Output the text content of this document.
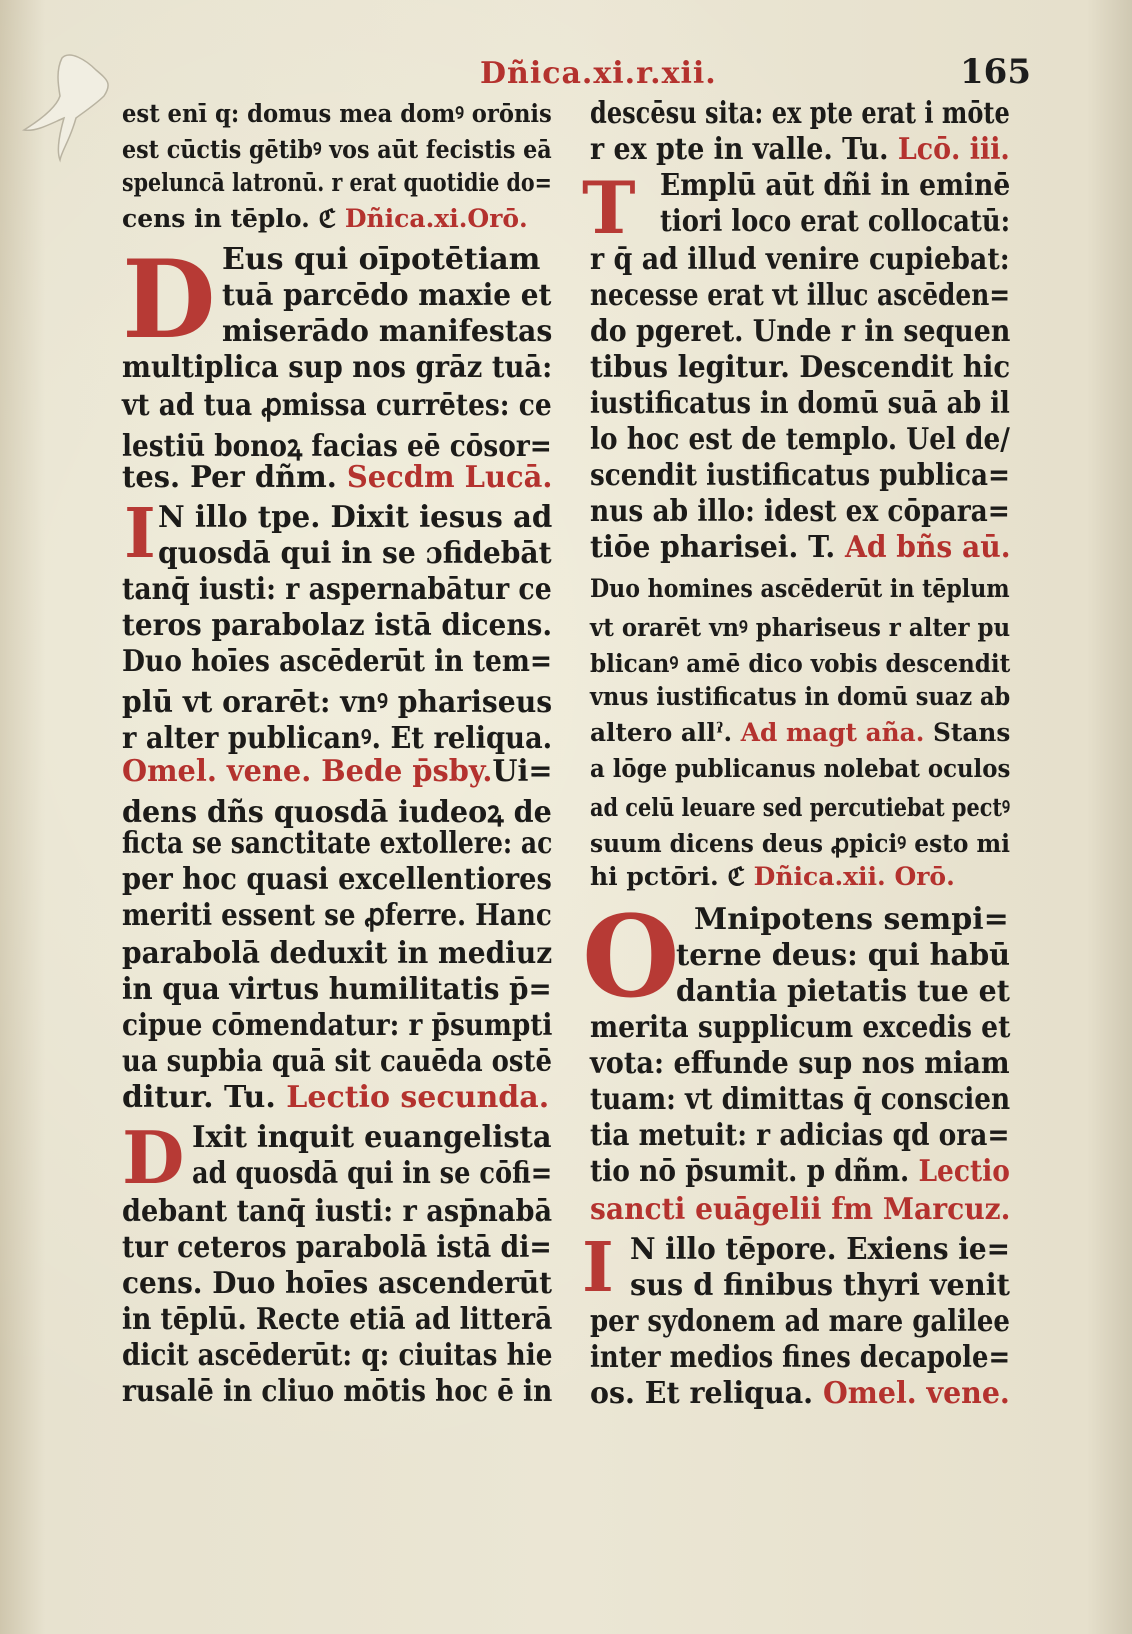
Dñica.xi.r.xii.	165
est enī q: domus mea domꝰ orōnis
est cūctis gētibꝰ vos aūt fecistis eā
speluncā latronū. r erat quotidie do=
cens in tēplo. ℭ Dñica.xi.Orō.
Eus qui oīpotētiam
tuā parcēdo maxie et
miserādo manifestas
multiplica sup nos grāz tuā:
vt ad tua ꝓmissa currētes: ce
lestiū bonoꝝ facias eē cōsor=
tes. Per dñm. Secdm Lucā.
N illo tpe. Dixit iesus ad
quosdā qui in se ɔfidebāt
tanq̄ iusti: r aspernabātur ce
teros parabolaz istā dicens.
Duo hoīes ascēderūt in tem=
plū vt orarēt: vnꝰ phariseus
r alter publicanꝰ. Et reliqua.
Omel. vene. Bede p̄sby.Ui=
dens dñs quosdā iudeoꝝ de
ficta se sanctitate extollere: ac
per hoc quasi excellentiores
meriti essent se ꝓferre. Hanc
parabolā deduxit in mediuz
in qua virtus humilitatis p̄=
cipue cōmendatur: r p̄sumpti
ua supbia quā sit cauēda ostē
ditur. Tu. Lectio secunda.
Ixit inquit euangelista
ad quosdā qui in se cōfi=
debant tanq̄ iusti: r asp̄nabā
tur ceteros parabolā istā di=
cens. Duo hoīes ascenderūt
in tēplū. Recte etiā ad litterā
dicit ascēderūt: q: ciuitas hie
rusalē in cliuo mōtis hoc ē in
D
I
D
descēsu sita: ex pte erat i mōte
r ex pte in valle. Tu. Lcō. iii.
Emplū aūt dñi in eminē
tiori loco erat collocatū:
r q̄ ad illud venire cupiebat:
necesse erat vt illuc ascēden=
do pgeret. Unde r in sequen
tibus legitur. Descendit hic
iustificatus in domū suā ab il
lo hoc est de templo. Uel de/
scendit iustificatus publica=
nus ab illo: idest ex cōpara=
tiōe pharisei. T. Ad bñs aū.
Duo homines ascēderūt in tēplum
vt orarēt vnꝰ phariseus r alter pu
blicanꝰ amē dico vobis descendit
vnus iustificatus in domū suaz ab
altero allˀ. Ad magt aña. Stans
a lōge publicanus nolebat oculos
ad celū leuare sed percutiebat pectꝰ
suum dicens deus ꝓpiciꝰ esto mi
hi pctōri. ℭ Dñica.xii. Orō.
Mnipotens sempi=
terne deus: qui habū
dantia pietatis tue et
merita supplicum excedis et
vota: effunde sup nos miam
tuam: vt dimittas q̄ conscien
tia metuit: r adicias qd ora=
tio nō p̄sumit. p dñm. Lectio
sancti euāgelii fm Marcuz.
N illo tēpore. Exiens ie=
sus d finibus thyri venit
per sydonem ad mare galilee
inter medios fines decapole=
os. Et reliqua. Omel. vene.
T
O
I
